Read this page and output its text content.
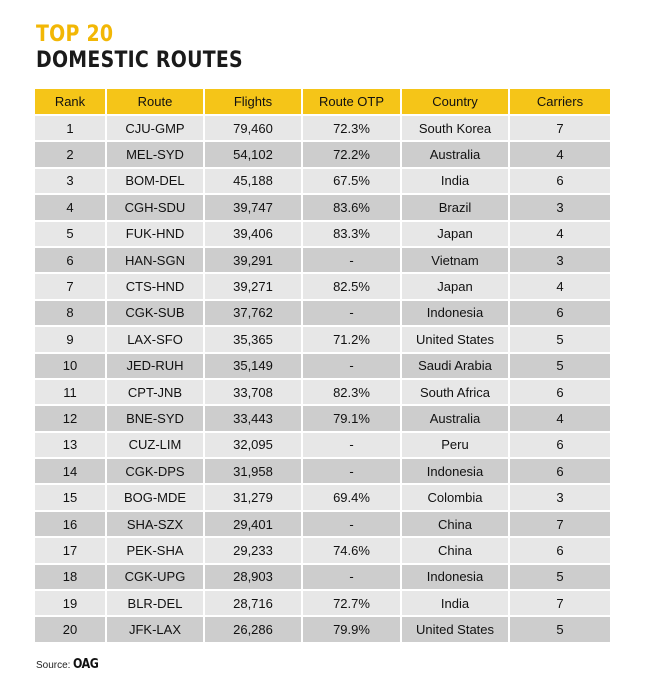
TOP 20
DOMESTIC ROUTES
Rank	Route	Flights	Route OTP	Country	Carriers
1	CJU-GMP	79,460	72.3%	South Korea	7
2	MEL-SYD	54,102	72.2%	Australia	4
3	BOM-DEL	45,188	67.5%	India	6
4	CGH-SDU	39,747	83.6%	Brazil	3
5	FUK-HND	39,406	83.3%	Japan	4
6	HAN-SGN	39,291	-	Vietnam	3
7	CTS-HND	39,271	82.5%	Japan	4
8	CGK-SUB	37,762	-	Indonesia	6
9	LAX-SFO	35,365	71.2%	United States	5
10	JED-RUH	35,149	-	Saudi Arabia	5
11	CPT-JNB	33,708	82.3%	South Africa	6
12	BNE-SYD	33,443	79.1%	Australia	4
13	CUZ-LIM	32,095	-	Peru	6
14	CGK-DPS	31,958	-	Indonesia	6
15	BOG-MDE	31,279	69.4%	Colombia	3
16	SHA-SZX	29,401	-	China	7
17	PEK-SHA	29,233	74.6%	China	6
18	CGK-UPG	28,903	-	Indonesia	5
19	BLR-DEL	28,716	72.7%	India	7
20	JFK-LAX	26,286	79.9%	United States	5
Source: OAG
